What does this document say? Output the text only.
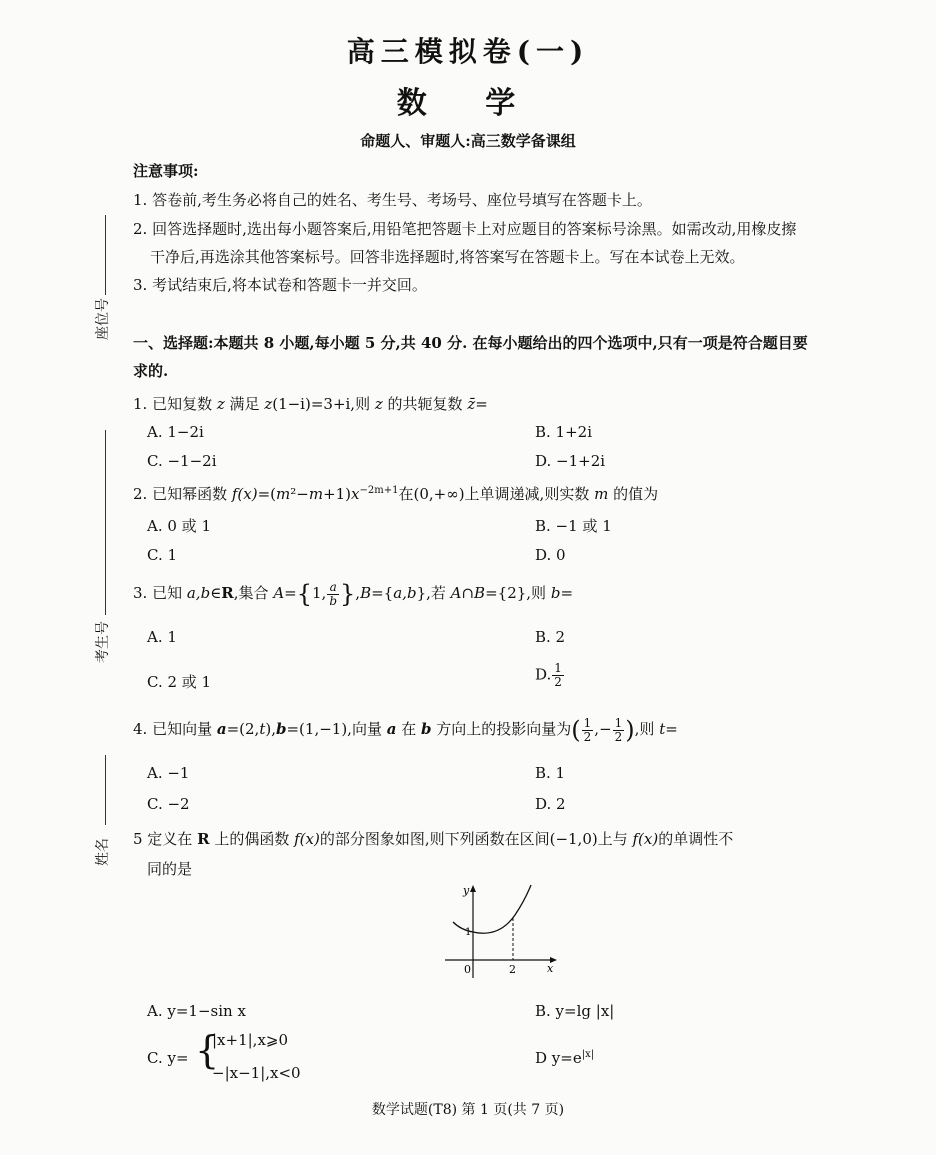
高三模拟卷(一)
数 学
命题人、审题人:高三数学备课组
座位号
考生号
姓名
注意事项:
1. 答卷前,考生务必将自己的姓名、考生号、考场号、座位号填写在答题卡上。
2. 回答选择题时,选出每小题答案后,用铅笔把答题卡上对应题目的答案标号涂黑。如需改动,用橡皮擦
干净后,再选涂其他答案标号。回答非选择题时,将答案写在答题卡上。写在本试卷上无效。
3. 考试结束后,将本试卷和答题卡一并交回。
一、选择题:本题共 8 小题,每小题 5 分,共 40 分. 在每小题给出的四个选项中,只有一项是符合题目要
求的.
1. 已知复数 z 满足 z(1−i)=3+i,则 z 的共轭复数 z̄=
A. 1−2i	B. 1+2i
C. −1−2i	D. −1+2i
2. 已知幂函数 $f(x)=(m^2-m+1)x^{-2m+1}$在(0,+∞)上单调递减,则实数 m 的值为
A. 0 或 1	B. −1 或 1
C. 1	D. 0
3. 已知 a,b∈R,集合 A={1, $\frac{a}{b} \},B=\{a,b\}$,若 A∩B={2},则 b=
A. 1	B. 2
C. 2 或 1	D. $\frac{1}{2}$
4. 已知向量 a=(2,t),b=(1,−1),向量 a 在 b 方向上的投影向量为( $\frac{1}{2}$ ,− $\frac{1}{2}$ ),则 t=
A. −1	B. 1
C. −2	D. 2
5 定义在 R 上的偶函数 f(x)的部分图象如图,则下列函数在区间(−1,0)上与 f(x)的单调性不
同的是
y
x
0
1
2
A. y=1−sin x	B. y=lg |x|
C. y= {
|x+1|,x⩾0
−|x−1|,x<0
D $y=e^{|x|}$
数学试题(T8) 第 1 页(共 7 页)
